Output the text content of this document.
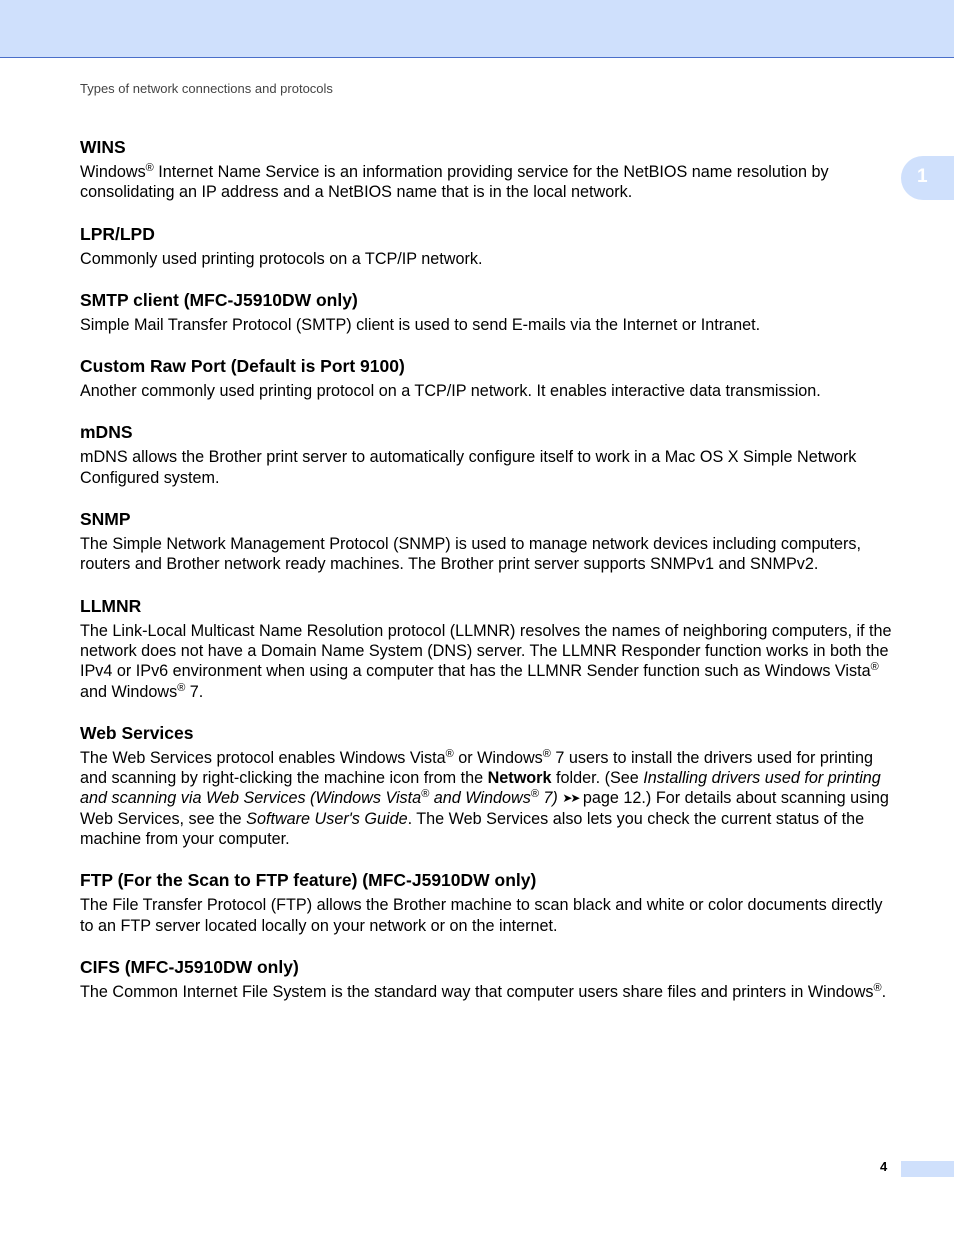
Types of network connections and protocols
1
WINS

Windows® Internet Name Service is an information providing service for the NetBIOS name resolution by consolidating an IP address and a NetBIOS name that is in the local network.

LPR/LPD

Commonly used printing protocols on a TCP/IP network.

SMTP client (MFC-J5910DW only)

Simple Mail Transfer Protocol (SMTP) client is used to send E-mails via the Internet or Intranet.

Custom Raw Port (Default is Port 9100)

Another commonly used printing protocol on a TCP/IP network. It enables interactive data transmission.

mDNS

mDNS allows the Brother print server to automatically configure itself to work in a Mac OS X Simple Network Configured system.

SNMP

The Simple Network Management Protocol (SNMP) is used to manage network devices including computers, routers and Brother network ready machines. The Brother print server supports SNMPv1 and SNMPv2.

LLMNR

The Link-Local Multicast Name Resolution protocol (LLMNR) resolves the names of neighboring computers, if the network does not have a Domain Name System (DNS) server. The LLMNR Responder function works in both the IPv4 or IPv6 environment when using a computer that has the LLMNR Sender function such as Windows Vista® and Windows® 7.

Web Services

The Web Services protocol enables Windows Vista® or Windows® 7 users to install the drivers used for printing and scanning by right-clicking the machine icon from the Network folder. (See Installing drivers used for printing and scanning via Web Services (Windows Vista® and Windows® 7) ➤➤ page 12.) For details about scanning using Web Services, see the Software User's Guide. The Web Services also lets you check the current status of the machine from your computer.

FTP (For the Scan to FTP feature) (MFC-J5910DW only)

The File Transfer Protocol (FTP) allows the Brother machine to scan black and white or color documents directly to an FTP server located locally on your network or on the internet.

CIFS (MFC-J5910DW only)

The Common Internet File System is the standard way that computer users share files and printers in Windows®.

4
